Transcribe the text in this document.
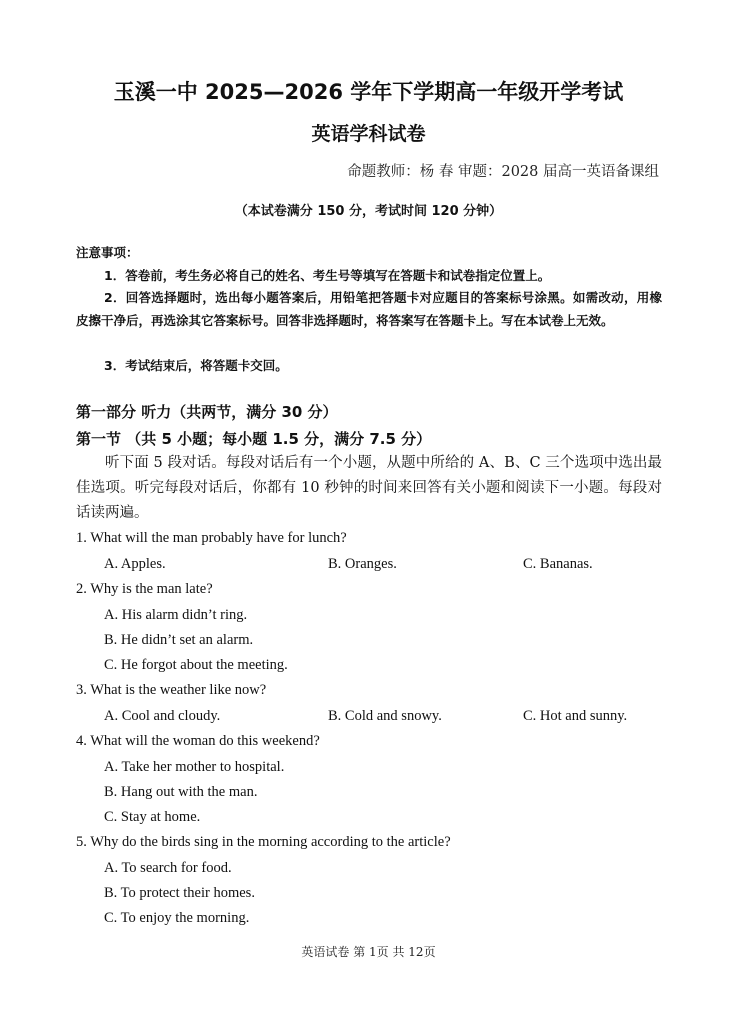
玉溪一中 2025—2026 学年下学期高一年级开学考试
英语学科试卷
命题教师：杨 春 审题：2028 届高一英语备课组
（本试卷满分 150 分，考试时间 120 分钟）
注意事项：
1．答卷前，考生务必将自己的姓名、考生号等填写在答题卡和试卷指定位置上。
2．回答选择题时，选出每小题答案后，用铅笔把答题卡对应题目的答案标号涂黑。如需改动，用橡皮擦干净后，再选涂其它答案标号。回答非选择题时，将答案写在答题卡上。写在本试卷上无效。
3．考试结束后，将答题卡交回。
第一部分 听力（共两节，满分 30 分）
第一节 （共 5 小题；每小题 1.5 分，满分 7.5 分）
听下面 5 段对话。每段对话后有一个小题，从题中所给的 A、B、C 三个选项中选出最佳选项。听完每段对话后，你都有 10 秒钟的时间来回答有关小题和阅读下一小题。每段对话读两遍。
1. What will the man probably have for lunch?
A. Apples.	B. Oranges.	C. Bananas.
2. Why is the man late?
A. His alarm didn’t ring.
B. He didn’t set an alarm.
C. He forgot about the meeting.
3. What is the weather like now?
A. Cool and cloudy.	B. Cold and snowy.	C. Hot and sunny.
4. What will the woman do this weekend?
A. Take her mother to hospital.
B. Hang out with the man.
C. Stay at home.
5. Why do the birds sing in the morning according to the article?
A. To search for food.
B. To protect their homes.
C. To enjoy the morning.
英语试卷 第 1页 共 12页
